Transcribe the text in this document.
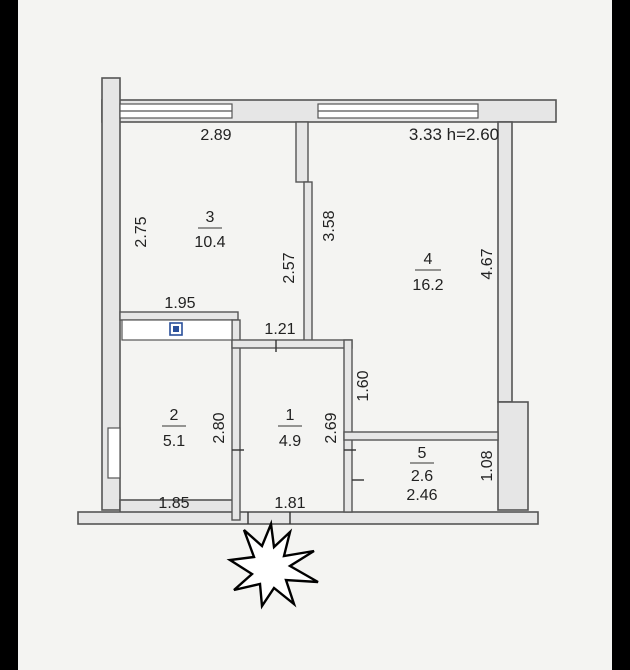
3
10.4
4
16.2
2
5.1
1
4.9
5
2.6
2.89	3.33 h=2.60
1.95
1.21
2.46
1.85	1.81
2.75
2.57
3.58
4.67
1.60
2.80	2.69
1.08
